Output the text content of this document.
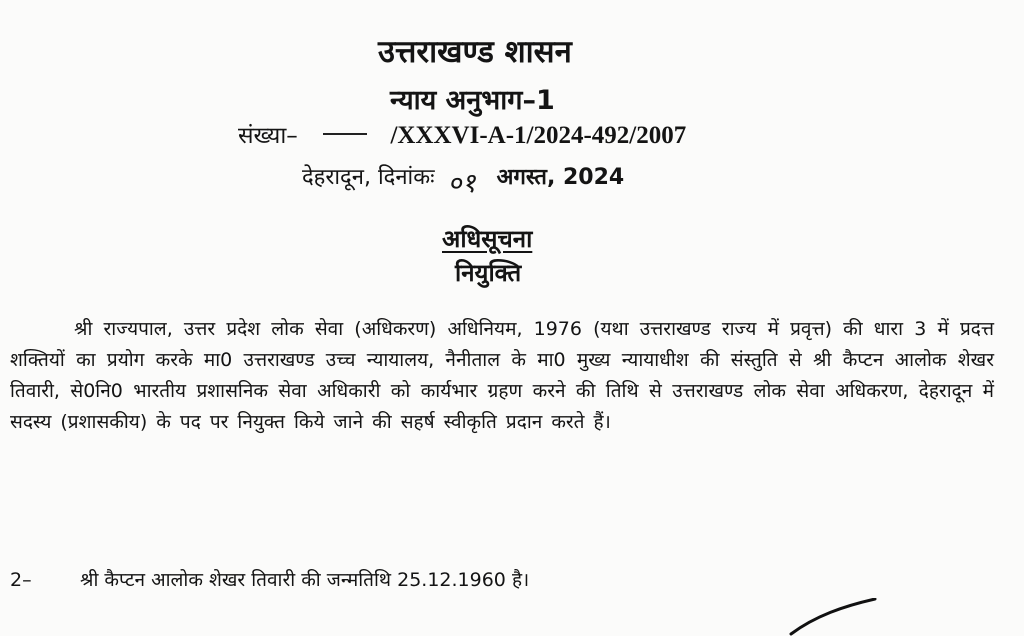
उत्तराखण्ड शासन
न्याय अनुभाग–1
संख्या–	/XXXVI-A-1/2024-492/2007
देहरादून, दिनांकः ०१ अगस्त, 2024
अधिसूचना
नियुक्ति
श्री राज्यपाल, उत्तर प्रदेश लोक सेवा (अधिकरण) अधिनियम, 1976 (यथा उत्तराखण्ड राज्य में प्रवृत्त) की धारा 3 में प्रदत्त शक्तियों का प्रयोग करके मा0 उत्तराखण्ड उच्च न्यायालय, नैनीताल के मा0 मुख्य न्यायाधीश की संस्तुति से श्री कैप्टन आलोक शेखर तिवारी, से0नि0 भारतीय प्रशासनिक सेवा अधिकारी को कार्यभार ग्रहण करने की तिथि से उत्तराखण्ड लोक सेवा अधिकरण, देहरादून में सदस्य (प्रशासकीय) के पद पर नियुक्त किये जाने की सहर्ष स्वीकृति प्रदान करते हैं।
2–	श्री कैप्टन आलोक शेखर तिवारी की जन्मतिथि 25.12.1960 है।
